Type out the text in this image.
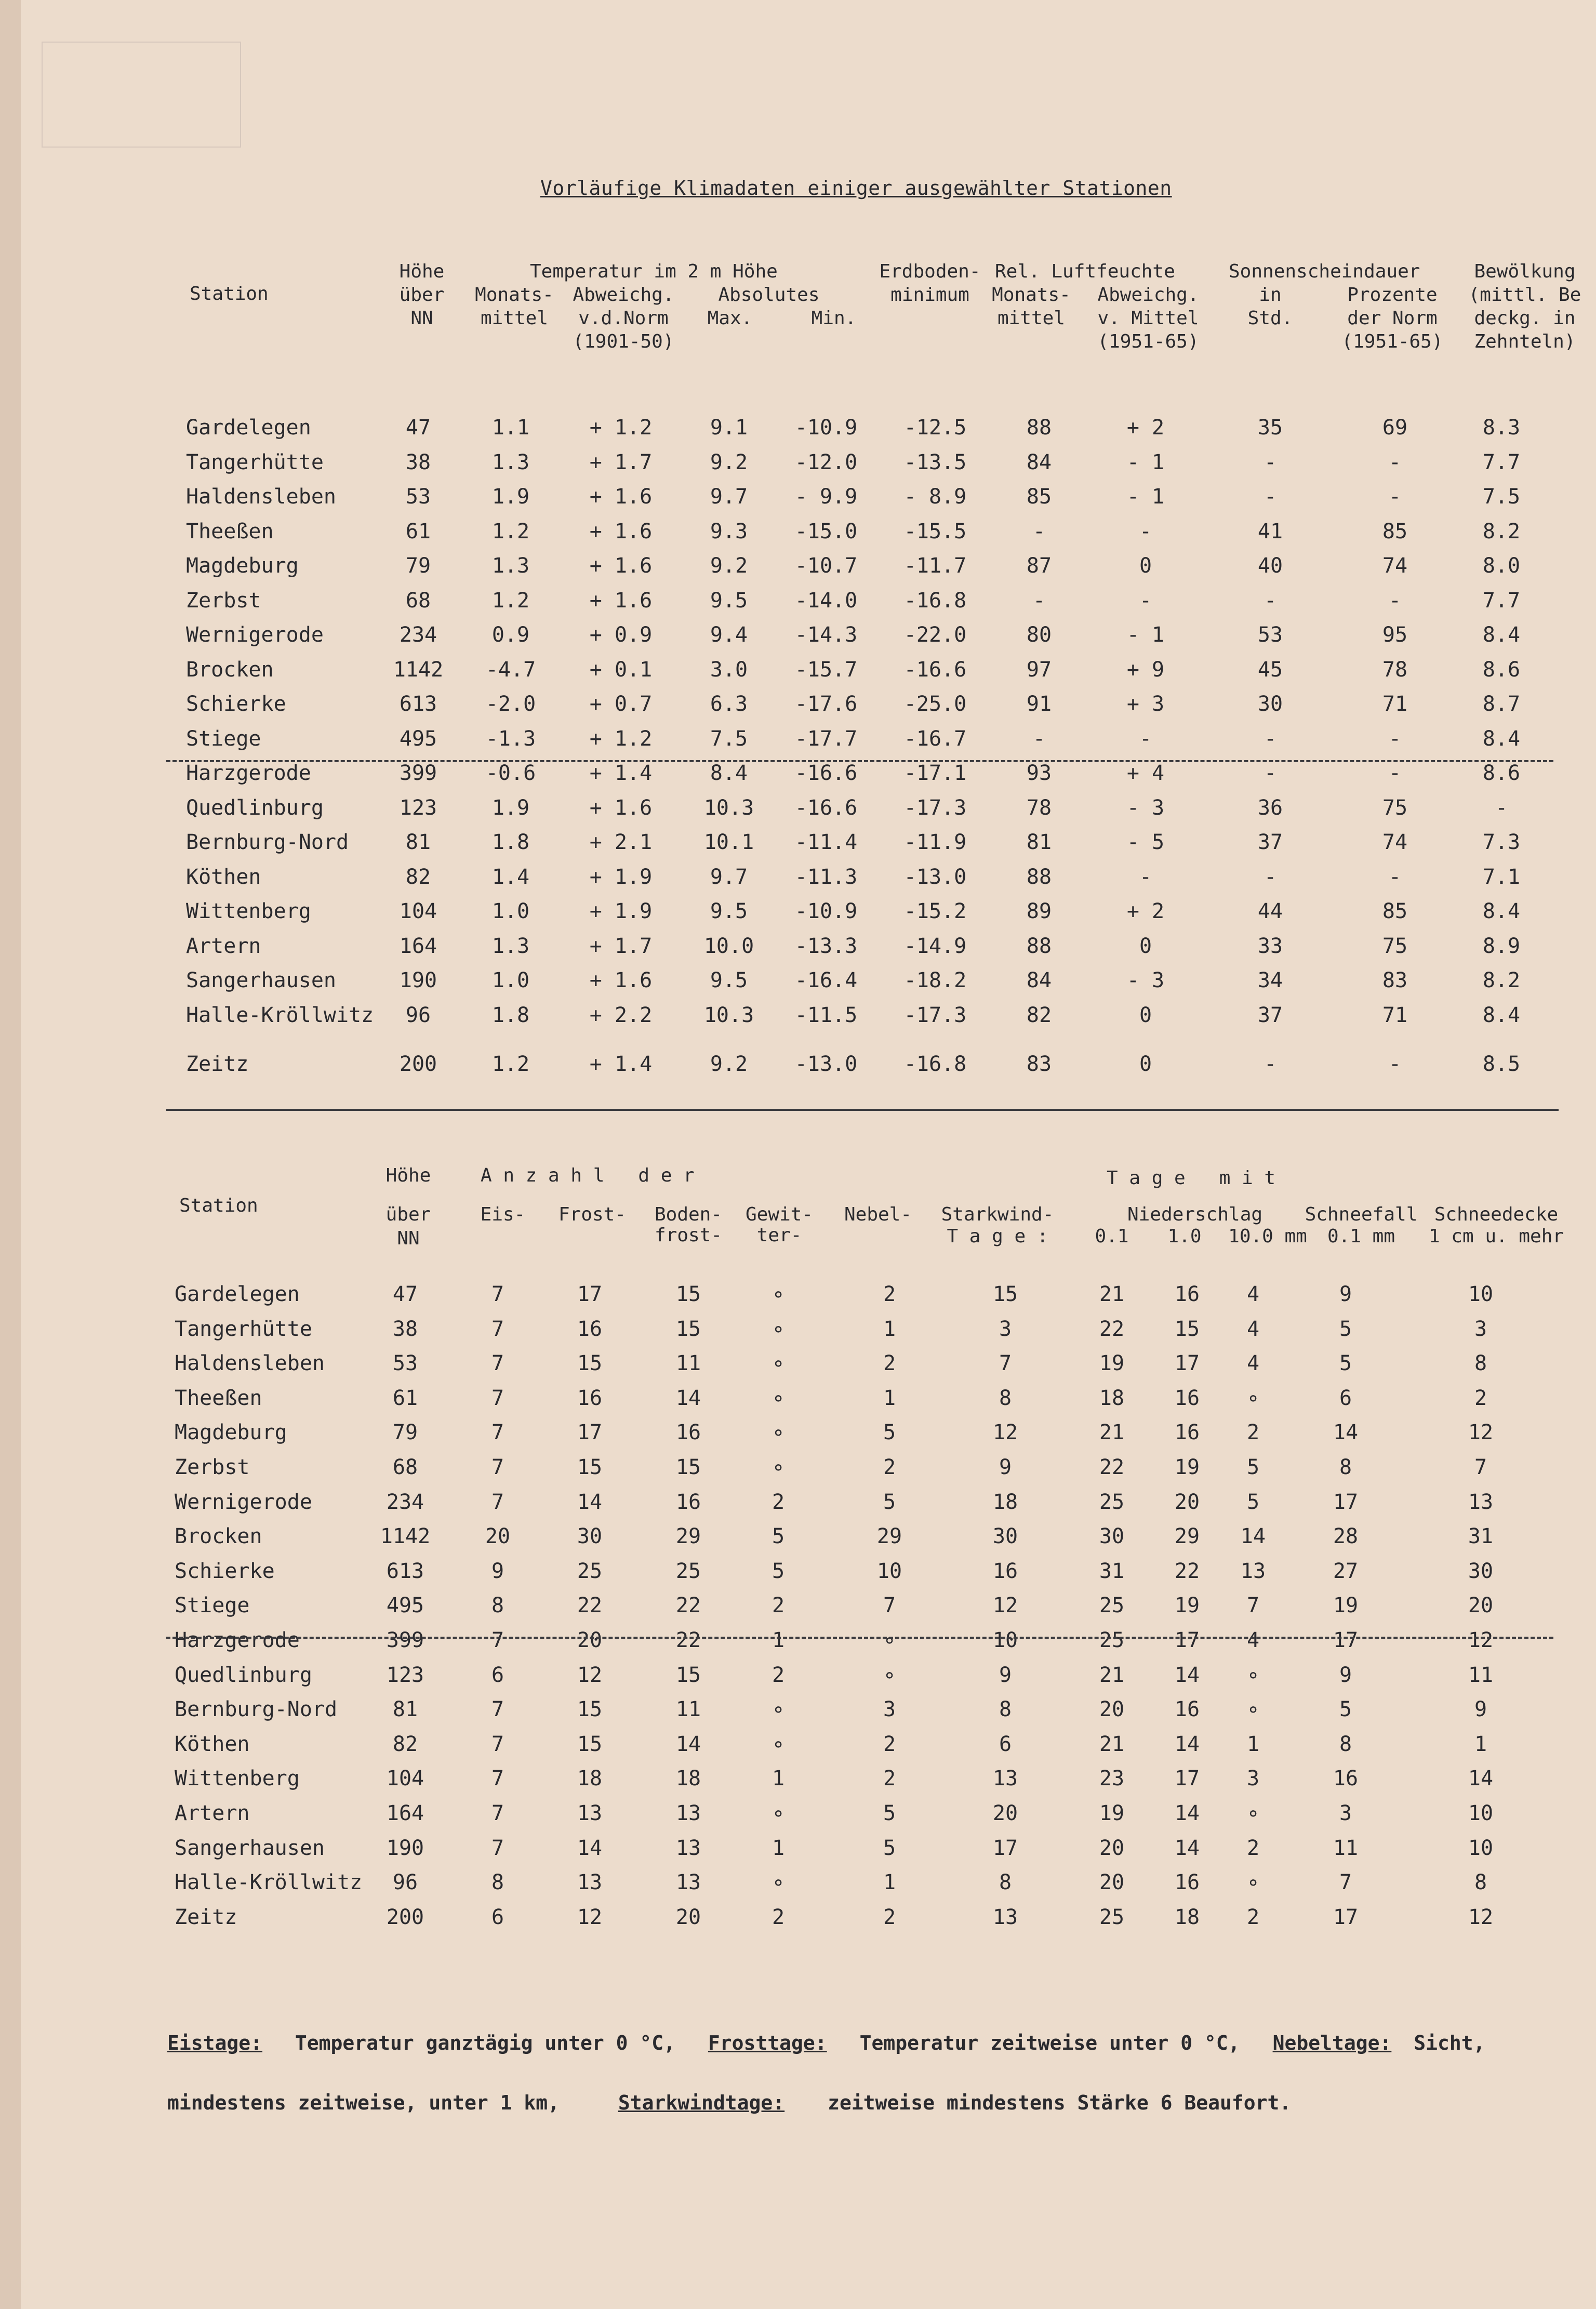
Vorläufige Klimadaten einiger ausgewählter Stationen
Station
Höhe
über
NN
Temperatur im 2 m Höhe
Monats-
mittel
Abweichg.
v.d.Norm
(1901-50)
Absolutes
Max.	Min.
Erdboden-
minimum
Rel. Luftfeuchte
Monats-
mittel
Abweichg.
v. Mittel
(1951-65)
Sonnenscheindauer
in
Std.
Prozente
der Norm
(1951-65)
Bewölkung
(mittl. Be
deckg. in
Zehnteln)
Gardelegen	47	1.1	+ 1.2	9.1 -10.9 -12.5	88	+ 2	35	69	8.3
Tangerhütte	38	1.3	+ 1.7	9.2 -12.0 -13.5	84	- 1	-	-	7.7
Haldensleben	53	1.9	+ 1.6	9.7 - 9.9 - 8.9	85	- 1	-	-	7.5
Theeßen	61	1.2	+ 1.6	9.3 -15.0 -15.5	-	-	41	85	8.2
Magdeburg	79	1.3	+ 1.6	9.2 -10.7 -11.7	87	0	40	74	8.0
Zerbst	68	1.2	+ 1.6	9.5 -14.0 -16.8	-	-	-	-	7.7
Wernigerode	234	0.9	+ 0.9	9.4 -14.3 -22.0	80	- 1	53	95	8.4
Brocken	1142 -4.7	+ 0.1	3.0 -15.7 -16.6	97	+ 9	45	78	8.6
Schierke	613 -2.0	+ 0.7	6.3 -17.6 -25.0	91	+ 3	30	71	8.7
Stiege	495 -1.3	+ 1.2	7.5 -17.7 -16.7	-	-	-	-	8.4
Harzgerode	399 -0.6	+ 1.4	8.4 -16.6 -17.1	93	+ 4	-	-	8.6
Quedlinburg	123	1.9	+ 1.6 10.3 -16.6 -17.3	78	- 3	36	75	-
Bernburg-Nord	81	1.8	+ 2.1 10.1 -11.4 -11.9	81	- 5	37	74	7.3
Köthen	82	1.4	+ 1.9	9.7 -11.3 -13.0	88	-	-	-	7.1
Wittenberg	104	1.0	+ 1.9	9.5 -10.9 -15.2	89	+ 2	44	85	8.4
Artern	164	1.3	+ 1.7 10.0 -13.3 -14.9	88	0	33	75	8.9
Sangerhausen	190	1.0	+ 1.6	9.5 -16.4 -18.2	84	- 3	34	83	8.2
Halle-Kröllwitz 96	1.8	+ 2.2 10.3 -11.5 -17.3	82	0	37	71	8.4
Zeitz	200	1.2	+ 1.4	9.2 -13.0 -16.8	83	0	-	-	8.5
Station
Höhe
über
NN
A n z a h l   d e r	T a g e   m i t
Eis- Frost- Boden-
frost-
Gewit-
ter-
Nebel- Starkwind-
T a g e :
Niederschlag
0.1 1.0 10.0 mm
Schneefall
0.1 mm
Schneedecke
1 cm u. mehr
Gardelegen	47	7	17	15	∘	2	15	21 16 4	9	10
Tangerhütte	38	7	16	15	∘	1	3	22 15 4	5	3
Haldensleben	53	7	15	11	∘	2	7	19 17 4	5	8
Theeßen	61	7	16	14	∘	1	8	18 16 ∘	6	2
Magdeburg	79	7	17	16	∘	5	12	21 16 2	14	12
Zerbst	68	7	15	15	∘	2	9	22 19 5	8	7
Wernigerode	234	7	14	16	2	5	18	25 20 5	17	13
Brocken	1142	20	30	29	5	29	30	30 29 14	28	31
Schierke	613	9	25	25	5	10	16	31 22 13	27	30
Stiege	495	8	22	22	2	7	12	25 19 7	19	20
Harzgerode	399	7	20	22	1	∘	10	25 17 4	17	12
Quedlinburg	123	6	12	15	2	∘	9	21 14 ∘	9	11
Bernburg-Nord	81	7	15	11	∘	3	8	20 16 ∘	5	9
Köthen	82	7	15	14	∘	2	6	21 14 1	8	1
Wittenberg	104	7	18	18	1	2	13	23 17 3	16	14
Artern	164	7	13	13	∘	5	20	19 14 ∘	3	10
Sangerhausen	190	7	14	13	1	5	17	20 14 2	11	10
Halle-Kröllwitz 96	8	13	13	∘	1	8	20 16 ∘	7	8
Zeitz	200	6	12	20	2	2	13	25 18 2	17	12
Eistage: Temperatur ganztägig unter 0 °C, Frosttage: Temperatur zeitweise unter 0 °C, Nebeltage: Sicht,
mindestens zeitweise, unter 1 km,	Starkwindtage: zeitweise mindestens Stärke 6 Beaufort.
